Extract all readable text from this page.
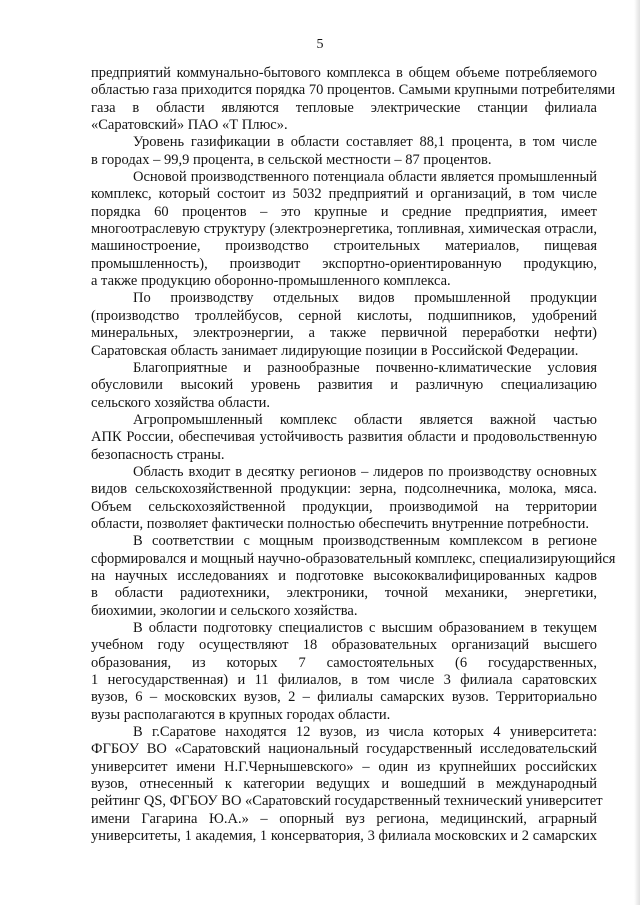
5
предприятий коммунально-бытового комплекса в общем объеме потребляемого
областью газа приходится порядка 70 процентов. Самыми крупными потребителями
газа в области являются тепловые электрические станции филиала
«Саратовский» ПАО «Т Плюс».
Уровень газификации в области составляет 88,1 процента, в том числе
в городах – 99,9 процента, в сельской местности – 87 процентов.
Основой производственного потенциала области является промышленный
комплекс, который состоит из 5032 предприятий и организаций, в том числе
порядка 60 процентов – это крупные и средние предприятия, имеет
многоотраслевую структуру (электроэнергетика, топливная, химическая отрасли,
машиностроение, производство строительных материалов, пищевая
промышленность), производит экспортно-ориентированную продукцию,
а также продукцию оборонно-промышленного комплекса.
По производству отдельных видов промышленной продукции
(производство троллейбусов, серной кислоты, подшипников, удобрений
минеральных, электроэнергии, а также первичной переработки нефти)
Саратовская область занимает лидирующие позиции в Российской Федерации.
Благоприятные и разнообразные почвенно-климатические условия
обусловили высокий уровень развития и различную специализацию
сельского хозяйства области.
Агропромышленный комплекс области является важной частью
АПК России, обеспечивая устойчивость развития области и продовольственную
безопасность страны.
Область входит в десятку регионов – лидеров по производству основных
видов сельскохозяйственной продукции: зерна, подсолнечника, молока, мяса.
Объем сельскохозяйственной продукции, производимой на территории
области, позволяет фактически полностью обеспечить внутренние потребности.
В соответствии с мощным производственным комплексом в регионе
сформировался и мощный научно-образовательный комплекс, специализирующийся
на научных исследованиях и подготовке высококвалифицированных кадров
в области радиотехники, электроники, точной механики, энергетики,
биохимии, экологии и сельского хозяйства.
В области подготовку специалистов с высшим образованием в текущем
учебном году осуществляют 18 образовательных организаций высшего
образования, из которых 7 самостоятельных (6 государственных,
1 негосударственная) и 11 филиалов, в том числе 3 филиала саратовских
вузов, 6 – московских вузов, 2 – филиалы самарских вузов. Территориально
вузы располагаются в крупных городах области.
В г.Саратове находятся 12 вузов, из числа которых 4 университета:
ФГБОУ ВО «Саратовский национальный государственный исследовательский
университет имени Н.Г.Чернышевского» – один из крупнейших российских
вузов, отнесенный к категории ведущих и вошедший в международный
рейтинг QS, ФГБОУ ВО «Саратовский государственный технический университет
имени Гагарина Ю.А.» – опорный вуз региона, медицинский, аграрный
университеты, 1 академия, 1 консерватория, 3 филиала московских и 2 самарских
